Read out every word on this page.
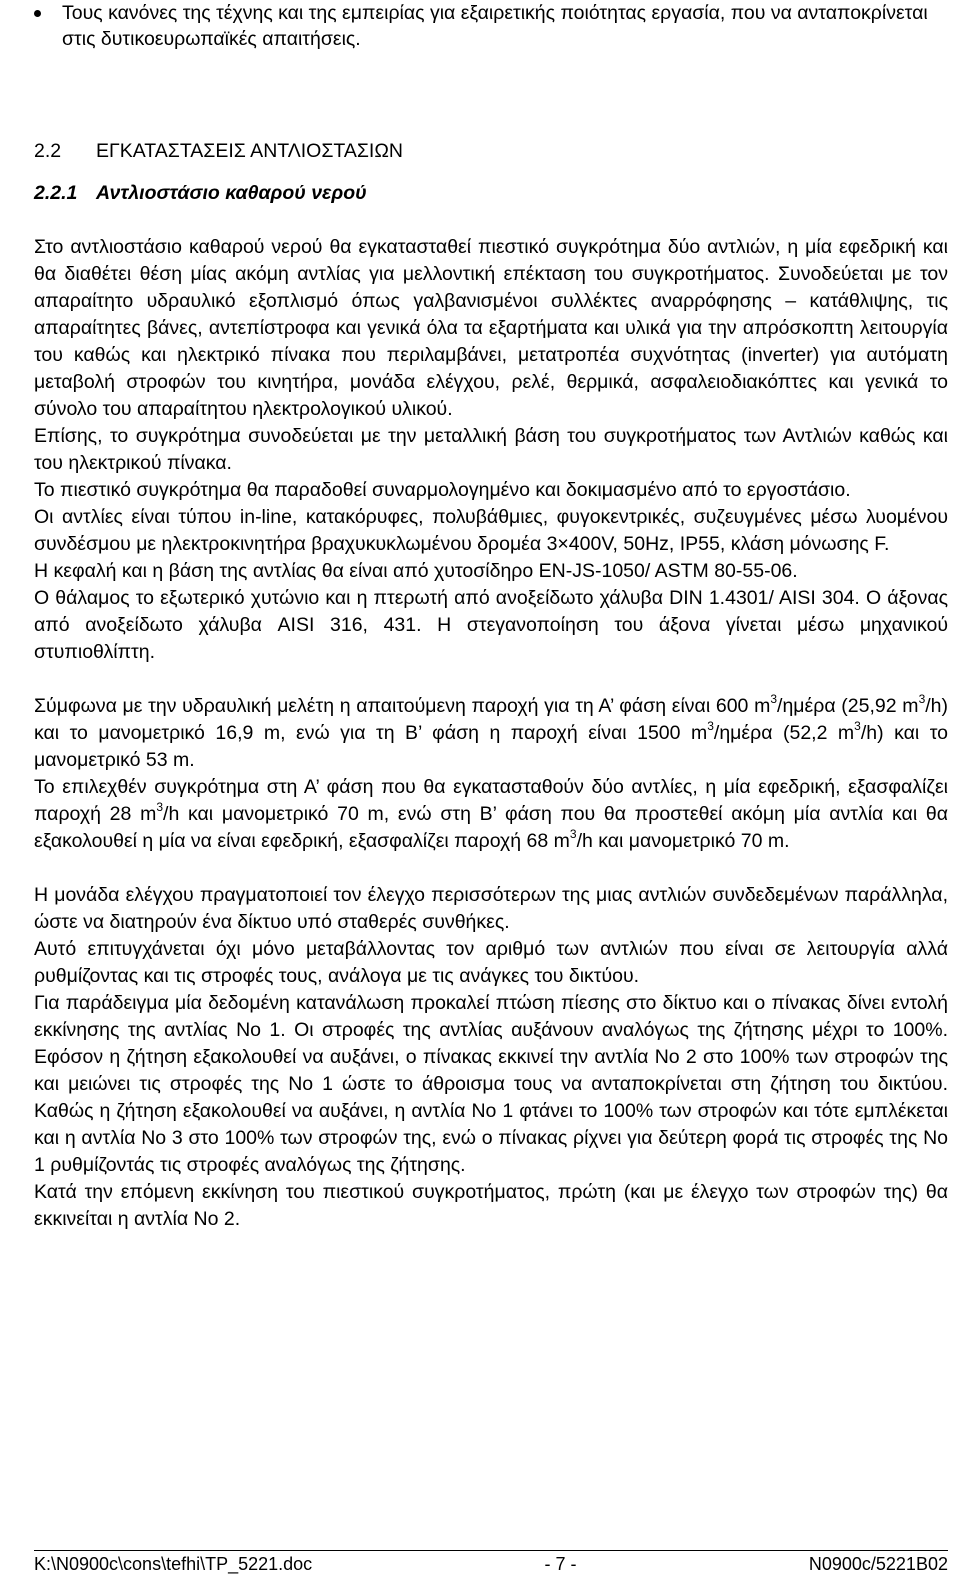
Τους κανόνες της τέχνης και της εμπειρίας για εξαιρετικής ποιότητας εργασία, που να ανταποκρίνεται στις δυτικοευρωπαϊκές απαιτήσεις.
2.2 ΕΓΚΑΤΑΣΤΑΣΕΙΣ ΑΝΤΛΙΟΣΤΑΣΙΩΝ
2.2.1 Αντλιοστάσιο καθαρού νερού

Στο αντλιοστάσιο καθαρού νερού θα εγκατασταθεί πιεστικό συγκρότημα δύο αντλιών, η μία εφεδρική και θα διαθέτει θέση μίας ακόμη αντλίας για μελλοντική επέκταση του συγκροτήματος. Συνοδεύεται με τον απαραίτητο υδραυλικό εξοπλισμό όπως γαλβανισμένοι συλλέκτες αναρρόφησης – κατάθλιψης, τις απαραίτητες βάνες, αντεπίστροφα και γενικά όλα τα εξαρτήματα και υλικά για την απρόσκοπτη λειτουργία του καθώς και ηλεκτρικό πίνακα που περιλαμβάνει, μετατροπέα συχνότητας (inverter) για αυτόματη μεταβολή στροφών του κινητήρα, μονάδα ελέγχου, ρελέ, θερμικά, ασφαλειοδιακόπτες και γενικά το σύνολο του απαραίτητου ηλεκτρολογικού υλικού.

Επίσης, το συγκρότημα συνοδεύεται με την μεταλλική βάση του συγκροτήματος των Αντλιών καθώς και του ηλεκτρικού πίνακα.

Το πιεστικό συγκρότημα θα παραδοθεί συναρμολογημένο και δοκιμασμένο από το εργοστάσιο.

Οι αντλίες είναι τύπου in-line, κατακόρυφες, πολυβάθμιες, φυγοκεντρικές, συζευγμένες μέσω λυομένου συνδέσμου με ηλεκτροκινητήρα βραχυκυκλωμένου δρομέα 3×400V, 50Hz, IP55, κλάση μόνωσης F.

Η κεφαλή και η βάση της αντλίας θα είναι από χυτοσίδηρο EN-JS-1050/ ASTM 80-55-06.

Ο θάλαμος το εξωτερικό χυτώνιο και η πτερωτή από ανοξείδωτο χάλυβα DIN 1.4301/ AISI 304. Ο άξονας από ανοξείδωτο χάλυβα AISI 316, 431. Η στεγανοποίηση του άξονα γίνεται μέσω μηχανικού στυπιοθλίπτη.

Σύμφωνα με την υδραυλική μελέτη η απαιτούμενη παροχή για τη Α’ φάση είναι 600 $m^3$/ημέρα (25,92 $m^3/h$) και το μανομετρικό 16,9 m, ενώ για τη Β’ φάση η παροχή είναι 1500 $m^3$/ημέρα (52,2 $m^3/h$) και το μανομετρικό 53 m.

Το επιλεχθέν συγκρότημα στη Α’ φάση που θα εγκατασταθούν δύο αντλίες, η μία εφεδρική, εξασφαλίζει παροχή 28 $m^3/h$ και μανομετρικό 70 m, ενώ στη Β’ φάση που θα προστεθεί ακόμη μία αντλία και θα εξακολουθεί η μία να είναι εφεδρική, εξασφαλίζει παροχή 68 $m^3/h$ και μανομετρικό 70 m.

Η μονάδα ελέγχου πραγματοποιεί τον έλεγχο περισσότερων της μιας αντλιών συνδεδεμένων παράλληλα, ώστε να διατηρούν ένα δίκτυο υπό σταθερές συνθήκες.

Αυτό επιτυγχάνεται όχι μόνο μεταβάλλοντας τον αριθμό των αντλιών που είναι σε λειτουργία αλλά ρυθμίζοντας και τις στροφές τους, ανάλογα με τις ανάγκες του δικτύου.

Για παράδειγμα μία δεδομένη κατανάλωση προκαλεί πτώση πίεσης στο δίκτυο και ο πίνακας δίνει εντολή εκκίνησης της αντλίας Νο 1. Οι στροφές της αντλίας αυξάνουν αναλόγως της ζήτησης μέχρι το 100%. Εφόσον η ζήτηση εξακολουθεί να αυξάνει, ο πίνακας εκκινεί την αντλία Νο 2 στο 100% των στροφών της και μειώνει τις στροφές της Νο 1 ώστε το άθροισμα τους να ανταποκρίνεται στη ζήτηση του δικτύου. Καθώς η ζήτηση εξακολουθεί να αυξάνει, η αντλία Νο 1 φτάνει το 100% των στροφών και τότε εμπλέκεται και η αντλία Νο 3 στο 100% των στροφών της, ενώ ο πίνακας ρίχνει για δεύτερη φορά τις στροφές της Νο 1 ρυθμίζοντάς τις στροφές αναλόγως της ζήτησης.

Κατά την επόμενη εκκίνηση του πιεστικού συγκροτήματος, πρώτη (και με έλεγχο των στροφών της) θα εκκινείται η αντλία Νο 2.

K:\N0900c\cons\tefhi\TP_5221.doc	- 7 -	N0900c/5221B02
